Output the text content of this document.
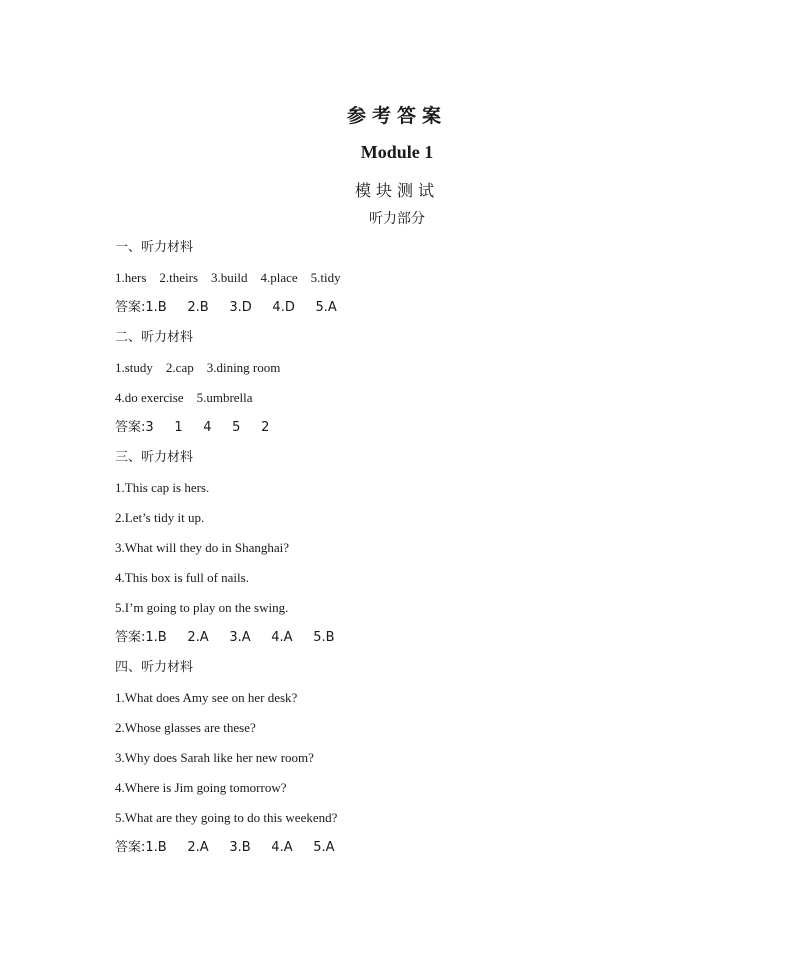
参考答案
Module 1
模块测试
听力部分
一、听力材料
1.hers    2.theirs    3.build    4.place    5.tidy
答案:1.B     2.B     3.D     4.D     5.A
二、听力材料
1.study    2.cap    3.dining room
4.do exercise    5.umbrella
答案:3     1     4     5     2
三、听力材料
1.This cap is hers.
2.Let’s tidy it up.
3.What will they do in Shanghai?
4.This box is full of nails.
5.I’m going to play on the swing.
答案:1.B     2.A     3.A     4.A     5.B
四、听力材料
1.What does Amy see on her desk?
2.Whose glasses are these?
3.Why does Sarah like her new room?
4.Where is Jim going tomorrow?
5.What are they going to do this weekend?
答案:1.B     2.A     3.B     4.A     5.A
